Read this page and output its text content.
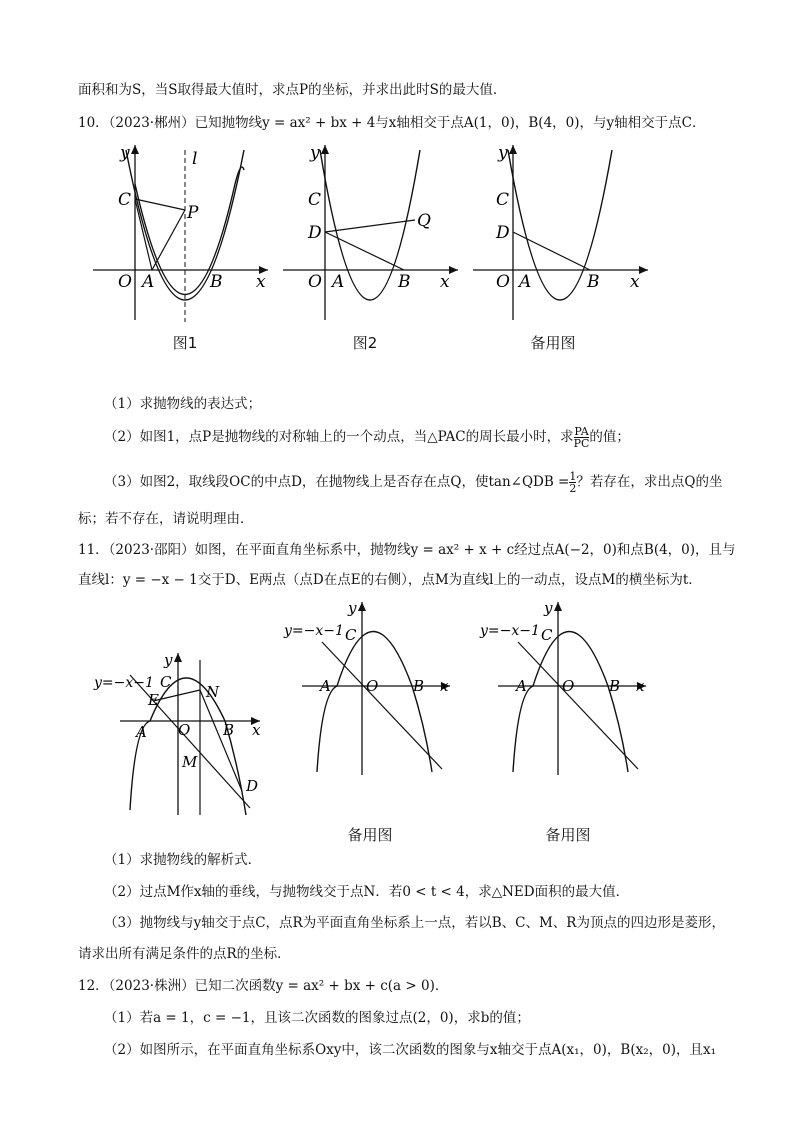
面积和为S，当S取得最大值时，求点P的坐标，并求出此时S的最大值．
10．（2023·郴州）已知抛物线y = ax² + bx + 4与x轴相交于点A(1，0)，B(4，0)，与y轴相交于点C．
y	l
C
P
O A	B x
图1
y
C
D
Q
O A	B x
图2
y
C
D
O A	B x
备用图
（1）求抛物线的表达式；
（2）如图1，点P是抛物线的对称轴上的一个动点，当△PAC的周长最小时，求 $\frac{PA}{PC}$ 的值；
（3）如图2，取线段OC的中点D，在抛物线上是否存在点Q，使tan∠QDB = $\frac{1}{2}$ ？若存在，求出点Q的坐
标；若不存在，请说明理由．
11．（2023·邵阳）如图，在平面直角坐标系中，抛物线y = ax² + x + c经过点A(−2，0)和点B(4，0)，且与
直线l：y = −x − 1交于D、E两点（点D在点E的右侧），点M为直线l上的一动点，设点M的横坐标为t．
y=−x−1
y
C
N
E
A O B x
M
D
y=−x−1
y
C
A O B x
备用图
y=−x−1
y
C
A O B x
备用图
（1）求抛物线的解析式．
（2）过点M作x轴的垂线，与抛物线交于点N．若0 < t < 4，求△NED面积的最大值．
（3）抛物线与y轴交于点C，点R为平面直角坐标系上一点，若以B、C、M、R为顶点的四边形是菱形，
请求出所有满足条件的点R的坐标．
12．（2023·株洲）已知二次函数y = ax² + bx + c(a > 0)．
（1）若a = 1，c = −1，且该二次函数的图象过点(2，0)，求b的值；
（2）如图所示，在平面直角坐标系Oxy中，该二次函数的图象与x轴交于点A(x₁，0)，B(x₂，0)，且x₁
